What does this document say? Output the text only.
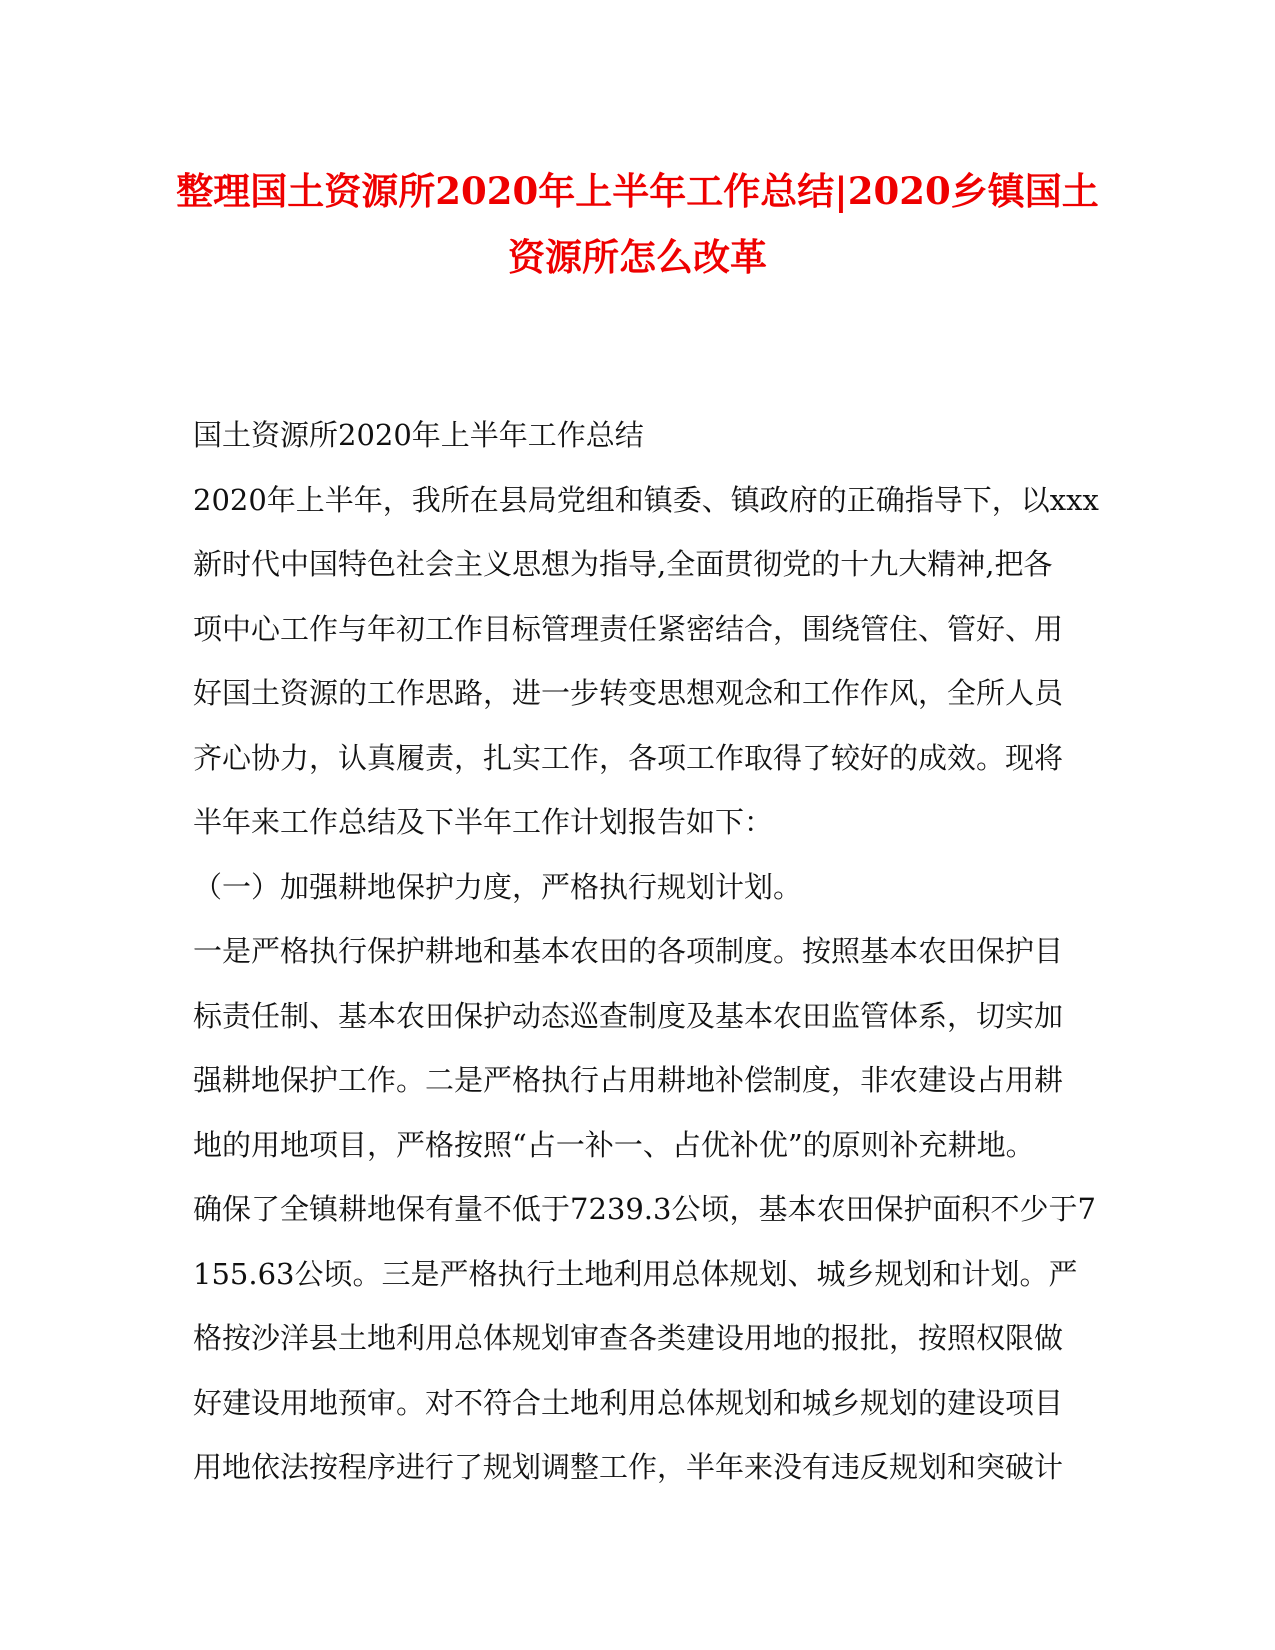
整理国土资源所2020年上半年工作总结|2020乡镇国土
资源所怎么改革
国土资源所2020年上半年工作总结
2020年上半年，我所在县局党组和镇委、镇政府的正确指导下，以xxx
新时代中国特色社会主义思想为指导,全面贯彻党的十九大精神,把各
项中心工作与年初工作目标管理责任紧密结合，围绕管住、管好、用
好国土资源的工作思路，进一步转变思想观念和工作作风，全所人员
齐心协力，认真履责，扎实工作，各项工作取得了较好的成效。现将
半年来工作总结及下半年工作计划报告如下：
（一）加强耕地保护力度，严格执行规划计划。
一是严格执行保护耕地和基本农田的各项制度。按照基本农田保护目
标责任制、基本农田保护动态巡查制度及基本农田监管体系，切实加
强耕地保护工作。二是严格执行占用耕地补偿制度，非农建设占用耕
地的用地项目，严格按照“占一补一、占优补优”的原则补充耕地。
确保了全镇耕地保有量不低于7239.3公顷，基本农田保护面积不少于7
155.63公顷。三是严格执行土地利用总体规划、城乡规划和计划。严
格按沙洋县土地利用总体规划审查各类建设用地的报批，按照权限做
好建设用地预审。对不符合土地利用总体规划和城乡规划的建设项目
用地依法按程序进行了规划调整工作，半年来没有违反规划和突破计
